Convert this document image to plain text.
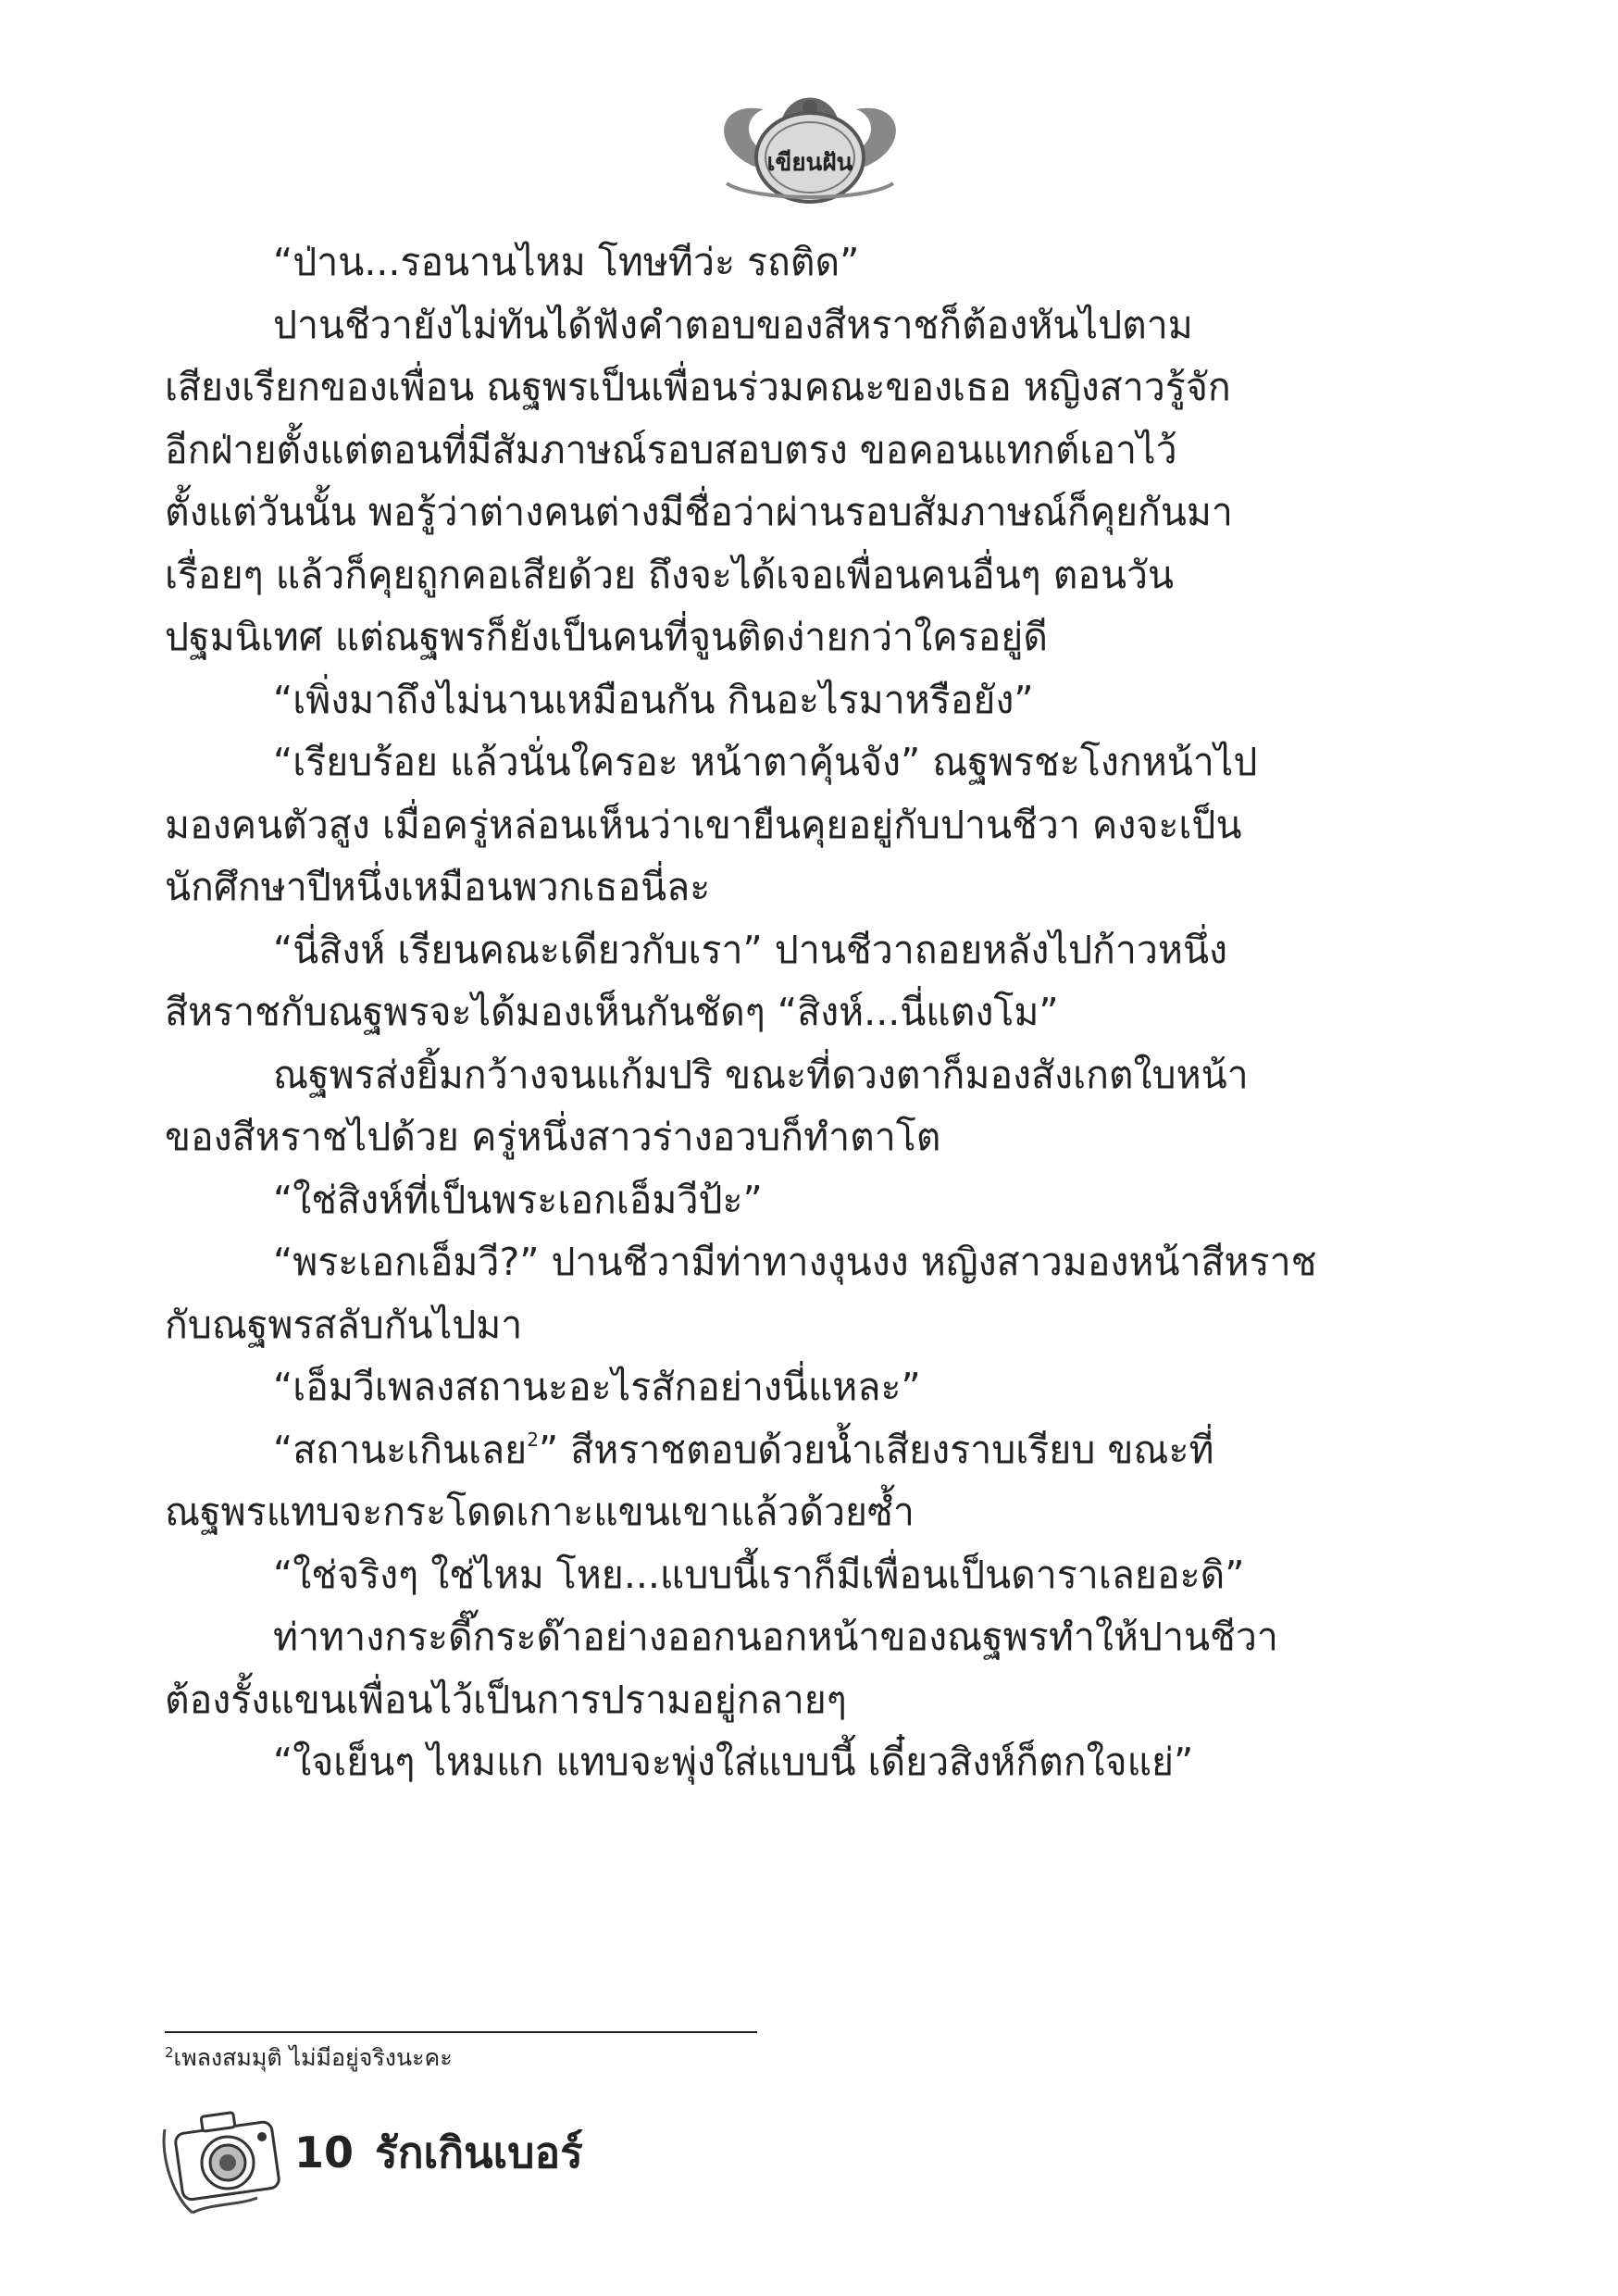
เขียนฝัน

“ป่าน...รอนานไหม โทษทีว่ะ รถติด”

ปานชีวายังไม่ทันได้ฟังคำตอบของสีหราชก็ต้องหันไปตาม

เสียงเรียกของเพื่อน ณฐพรเป็นเพื่อนร่วมคณะของเธอ หญิงสาวรู้จัก

อีกฝ่ายตั้งแต่ตอนที่มีสัมภาษณ์รอบสอบตรง ขอคอนแทกต์เอาไว้

ตั้งแต่วันนั้น พอรู้ว่าต่างคนต่างมีชื่อว่าผ่านรอบสัมภาษณ์ก็คุยกันมา

เรื่อยๆ แล้วก็คุยถูกคอเสียด้วย ถึงจะได้เจอเพื่อนคนอื่นๆ ตอนวัน

ปฐมนิเทศ แต่ณฐพรก็ยังเป็นคนที่จูนติดง่ายกว่าใครอยู่ดี

“เพิ่งมาถึงไม่นานเหมือนกัน กินอะไรมาหรือยัง”

“เรียบร้อย แล้วนั่นใครอะ หน้าตาคุ้นจัง” ณฐพรชะโงกหน้าไป

มองคนตัวสูง เมื่อครู่หล่อนเห็นว่าเขายืนคุยอยู่กับปานชีวา คงจะเป็น

นักศึกษาปีหนึ่งเหมือนพวกเธอนี่ละ

“นี่สิงห์ เรียนคณะเดียวกับเรา” ปานชีวาถอยหลังไปก้าวหนึ่ง

สีหราชกับณฐพรจะได้มองเห็นกันชัดๆ “สิงห์...นี่แตงโม”

ณฐพรส่งยิ้มกว้างจนแก้มปริ ขณะที่ดวงตาก็มองสังเกตใบหน้า

ของสีหราชไปด้วย ครู่หนึ่งสาวร่างอวบก็ทำตาโต

“ใช่สิงห์ที่เป็นพระเอกเอ็มวีป้ะ”

“พระเอกเอ็มวี?” ปานชีวามีท่าทางงุนงง หญิงสาวมองหน้าสีหราช

กับณฐพรสลับกันไปมา

“เอ็มวีเพลงสถานะอะไรสักอย่างนี่แหละ”

“สถานะเกินเลย$^2$” สีหราชตอบด้วยน้ำเสียงราบเรียบ ขณะที่

ณฐพรแทบจะกระโดดเกาะแขนเขาแล้วด้วยซ้ำ

“ใช่จริงๆ ใช่ไหม โหย...แบบนี้เราก็มีเพื่อนเป็นดาราเลยอะดิ”

ท่าทางกระดี๊กระด๊าอย่างออกนอกหน้าของณฐพรทำให้ปานชีวา

ต้องรั้งแขนเพื่อนไว้เป็นการปรามอยู่กลายๆ

“ใจเย็นๆ ไหมแก แทบจะพุ่งใส่แบบนี้ เดี๋ยวสิงห์ก็ตกใจแย่”

$^2$เพลงสมมุติ ไม่มีอยู่จริงนะคะ
10 รักเกินเบอร์
